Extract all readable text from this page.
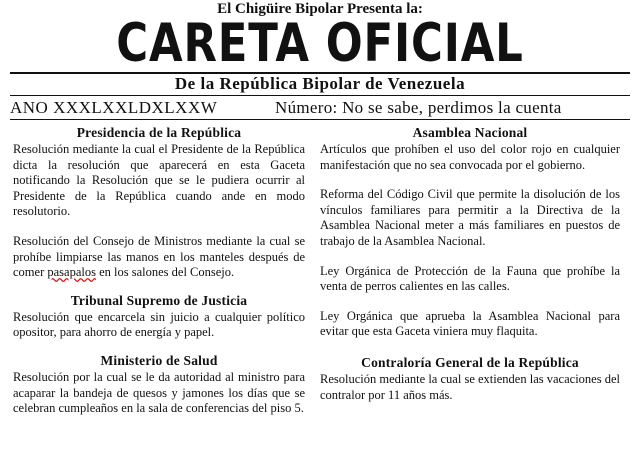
El Chigüire Bipolar Presenta la:
CARETA OFICIAL
De la República Bipolar de Venezuela
ANO XXXLXXLDXLXXW	Número: No se sabe, perdimos la cuenta
Presidencia de la República

Resolución mediante la cual el Presidente de la República dicta la resolución que aparecerá en esta Gaceta notificando la Resolución que se le pudiera ocurrir al Presidente de la República cuando ande en modo resolutorio.

Resolución del Consejo de Ministros mediante la cual se prohíbe limpiarse las manos en los manteles después de comer pasapalos en los salones del Consejo.

Tribunal Supremo de Justicia

Resolución que encarcela sin juicio a cualquier político opositor, para ahorro de energía y papel.

Ministerio de Salud

Resolución por la cual se le da autoridad al ministro para acaparar la bandeja de quesos y jamones los días que se celebran cumpleaños en la sala de conferencias del piso 5.

Asamblea Nacional

Artículos que prohíben el uso del color rojo en cualquier manifestación que no sea convocada por el gobierno.

Reforma del Código Civil que permite la disolución de los vínculos familiares para permitir a la Directiva de la Asamblea Nacional meter a más familiares en puestos de trabajo de la Asamblea Nacional.

Ley Orgánica de Protección de la Fauna que prohíbe la venta de perros calientes en las calles.

Ley Orgánica que aprueba la Asamblea Nacional para evitar que esta Gaceta viniera muy flaquita.

Contraloría General de la República

Resolución mediante la cual se extienden las vacaciones del contralor por 11 años más.
